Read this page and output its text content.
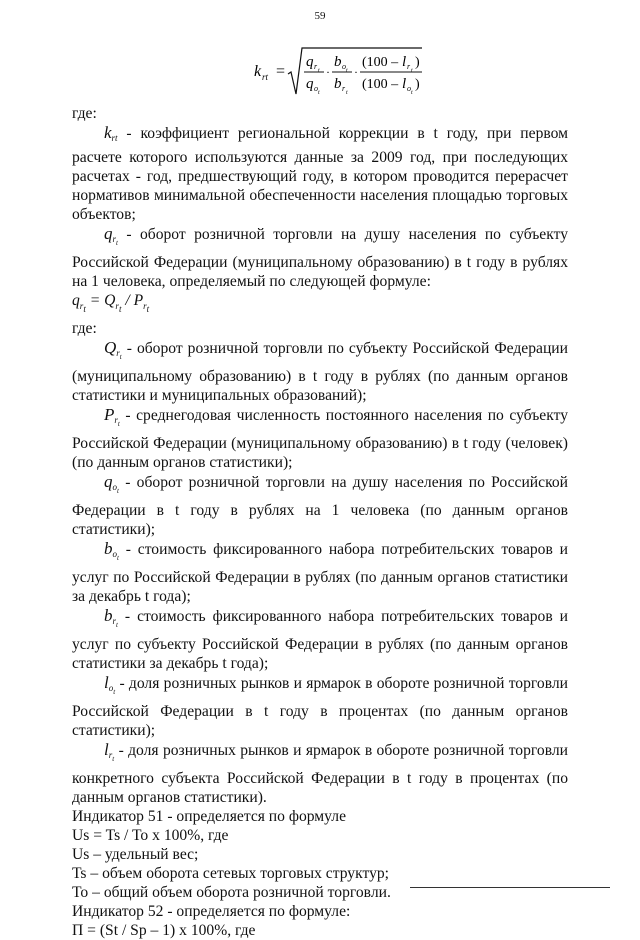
59
k rt =
q r t
q o t
·
b o t
b r t
·
(100 – l r t
)
(100 – l o t
)

где:

$k_{rt}$ - коэффициент региональной коррекции в t году, при первом расчете которого используются данные за 2009 год, при последующих расчетах - год, предшествующий году, в котором проводится перерасчет нормативов минимальной обеспеченности населения площадью торговых объектов;

$q_{r_t}$ - оборот розничной торговли на душу населения по субъекту Российской Федерации (муниципальному образованию) в t году в рублях на 1 человека, определяемый по следующей формуле:

$q_{r_t} = Q_{r_t} / P_{r_t}$

где:

$Q_{r_t}$ - оборот розничной торговли по субъекту Российской Федерации (муниципальному образованию) в t году в рублях (по данным органов статистики и муниципальных образований);

$P_{r_t}$ - среднегодовая численность постоянного населения по субъекту Российской Федерации (муниципальному образованию) в t году (человек) (по данным органов статистики);

$q_{o_t}$ - оборот розничной торговли на душу населения по Российской Федерации в t году в рублях на 1 человека (по данным органов статистики);

$b_{o_t}$ - стоимость фиксированного набора потребительских товаров и услуг по Российской Федерации в рублях (по данным органов статистики за декабрь t года);

$b_{r_t}$ - стоимость фиксированного набора потребительских товаров и услуг по субъекту Российской Федерации в рублях (по данным органов статистики за декабрь t года);

$l_{o_t}$ - доля розничных рынков и ярмарок в обороте розничной торговли Российской Федерации в t году в процентах (по данным органов статистики);

$l_{r_t}$ - доля розничных рынков и ярмарок в обороте розничной торговли конкретного субъекта Российской Федерации в t году в процентах (по данным органов статистики).

Индикатор 51 - определяется по формуле

Us = Ts / To x 100%, где

Us – удельный вес;

Ts – объем оборота сетевых торговых структур;

To – общий объем оборота розничной торговли.

Индикатор 52 - определяется по формуле:

П = (St / Sp – 1) x 100%, где
